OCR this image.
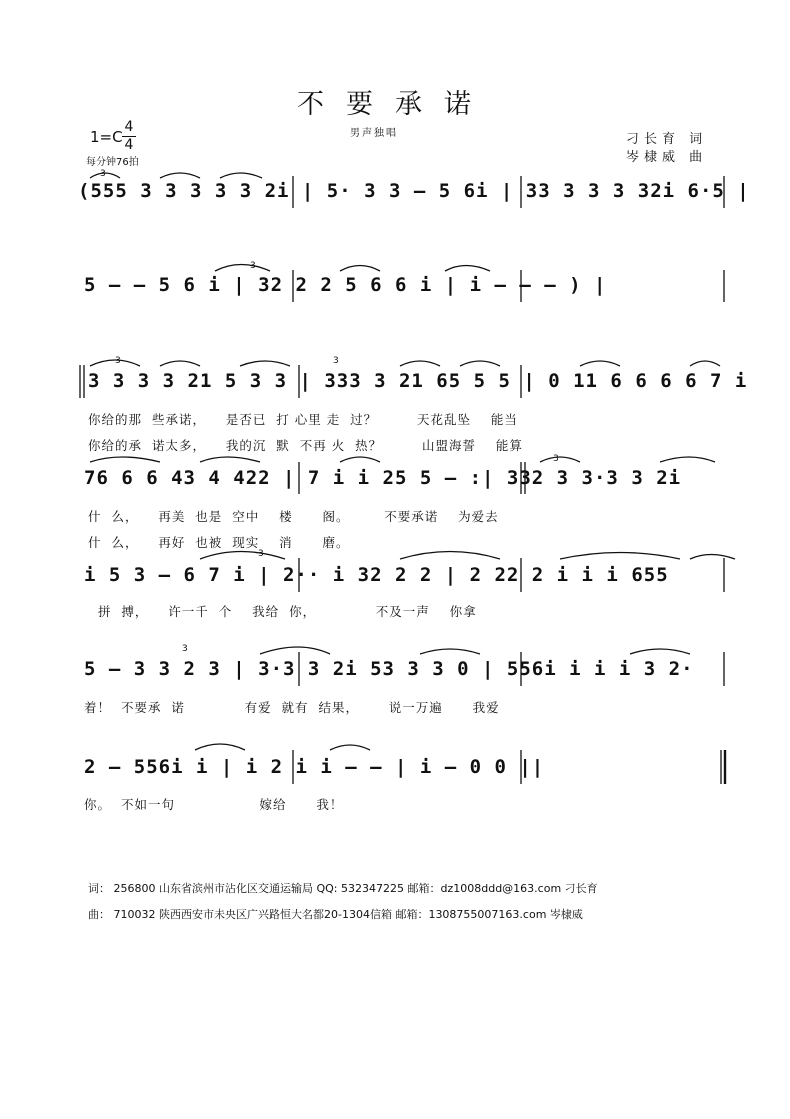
不要承诺
男声独唱
1=C
4
4
每分钟76拍
刁长育 词
岑棣威 曲
3
3
3	3
3
3
3
(555 3 3 3 3 3 2i | 5· 3 3 – 5 6i | 33 3 3 3 32i 6·5 |
5 – – 5 6 i | 32 2 2 5 6 6 i | i – – – ) |
3 3 3 3 21 5 3 3 | 333 3 21 65 5 5 | 0 11 6 6 6 6 7 i
你给的那  些承诺，    是否已  打 心里 走  过？        天花乱坠    能当
你给的承  诺太多，    我的沉  默  不再 火  热？        山盟海誓    能算
76 6 6 43 4 422 | 7 i i 25 5 – :| 332 3 3·3 3 2i
什  么，    再美  也是  空中    楼      阁。       不要承诺    为爱去
什  么，    再好  也被  现实    消      磨。
i 5 3 – 6 7 i | 2·· i 32 2 2 | 2 22 2 i i i 655
拼  搏，    许一千  个    我给  你，            不及一声    你拿
5 – 3 3 2 3 | 3·3 3 2i 53 3 3 0 | 556i i i i 3 2·
着！  不要承  诺            有爱  就有  结果，      说一万遍      我爱
2 – 556i i | i 2 i i – – | i – 0 0 ||
你。  不如一句                 嫁给      我！
词： 256800 山东省滨州市沾化区交通运输局 QQ: 532347225 邮箱：dz1008ddd@163.com 刁长育
曲： 710032 陕西西安市未央区广兴路恒大名都20-1304信箱 邮箱：1308755007163.com 岑棣威
